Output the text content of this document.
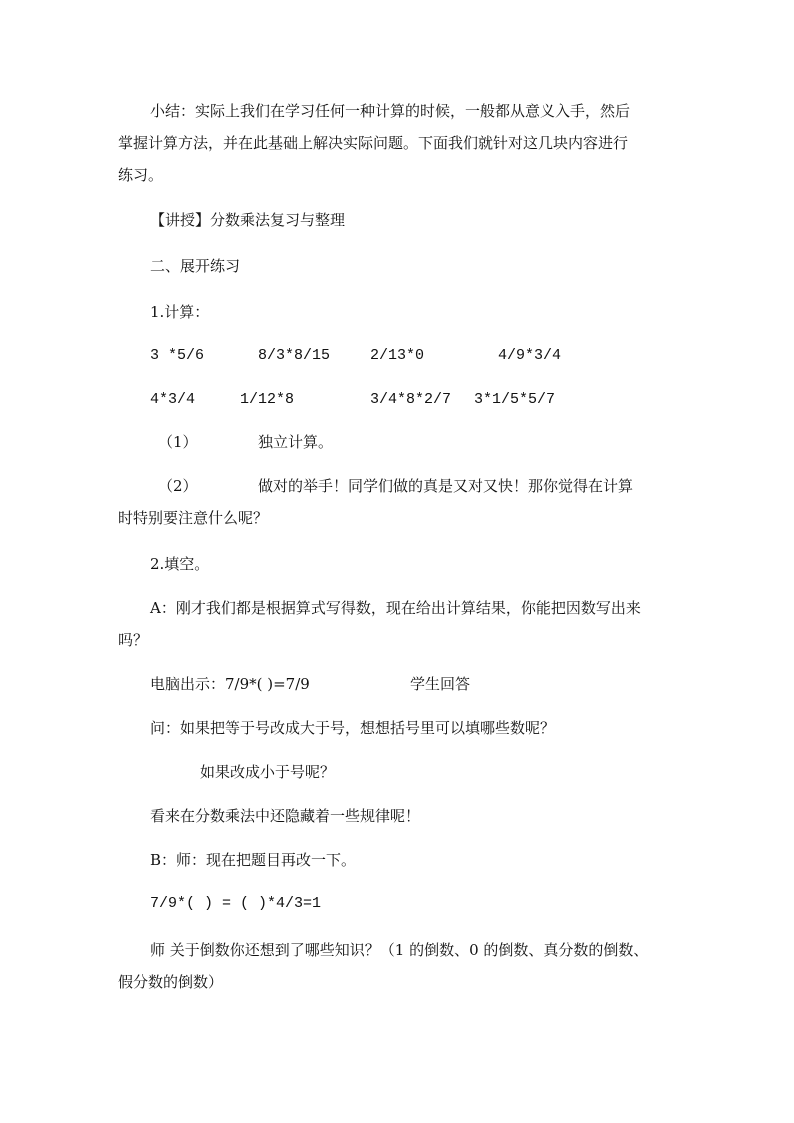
小结：实际上我们在学习任何一种计算的时候，一般都从意义入手，然后
掌握计算方法，并在此基础上解决实际问题。下面我们就针对这几块内容进行
练习。
【讲授】分数乘法复习与整理
二、展开练习
1.计算：
3 *5/6	8/3*8/15	2/13*0	4/9*3/4
4*3/4	1/12*8	3/4*8*2/7 3*1/5*5/7
（1）	独立计算。
（2）	做对的举手！同学们做的真是又对又快！那你觉得在计算
时特别要注意什么呢？
2.填空。
A：刚才我们都是根据算式写得数，现在给出计算结果，你能把因数写出来
吗？
电脑出示：7/9*( )=7/9	学生回答
问：如果把等于号改成大于号，想想括号里可以填哪些数呢？
如果改成小于号呢？
看来在分数乘法中还隐藏着一些规律呢！
B：师：现在把题目再改一下。
7/9*( ) = ( )*4/3=1
师 关于倒数你还想到了哪些知识？（1 的倒数、0 的倒数、真分数的倒数、
假分数的倒数）
